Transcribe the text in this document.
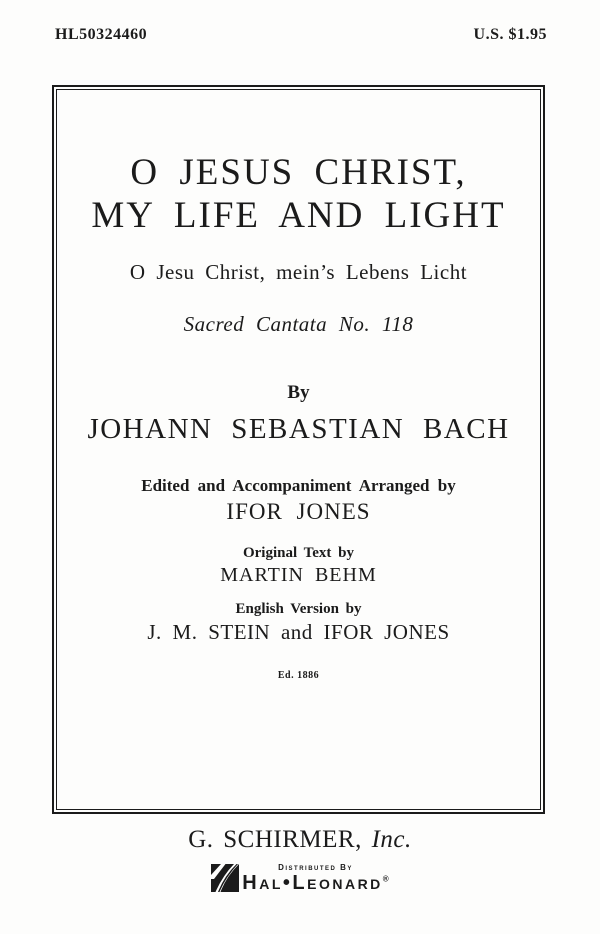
HL50324460	U.S. $1.95
O JESUS CHRIST,
MY LIFE AND LIGHT
O Jesu Christ, mein’s Lebens Licht
Sacred Cantata No. 118
By
JOHANN SEBASTIAN BACH
Edited and Accompaniment Arranged by
IFOR JONES
Original Text by
MARTIN BEHM
English Version by
J. M. STEIN and IFOR JONES
Ed. 1886
G. SCHIRMER, Inc.
Distributed By
Hal•Leonard®
